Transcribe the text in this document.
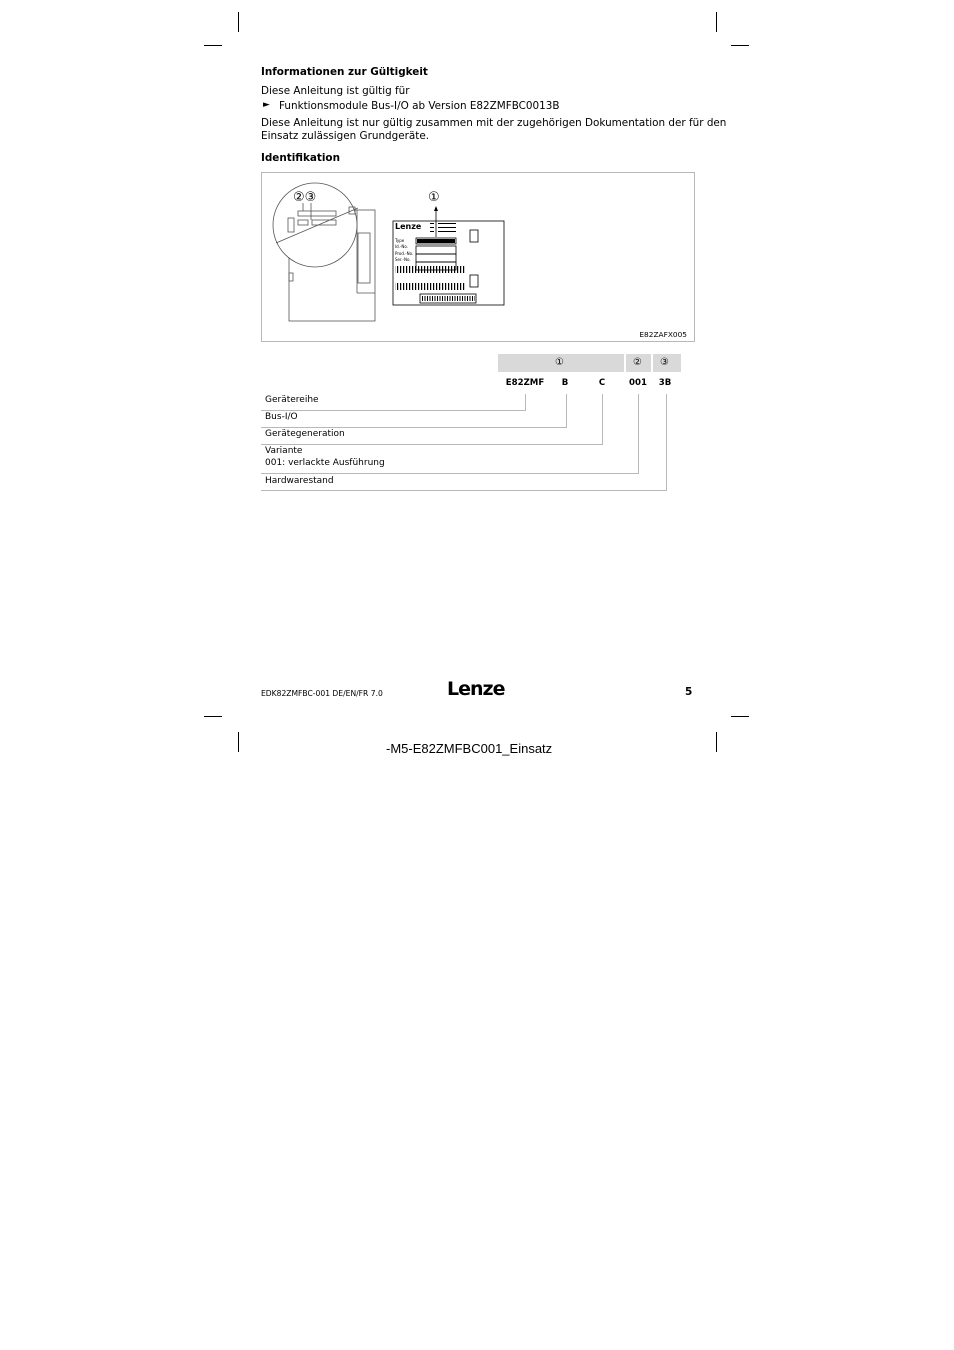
Informationen zur Gültigkeit
Diese Anleitung ist gültig für
► Funktionsmodule Bus-I/O ab Version E82ZMFBC0013B
Diese Anleitung ist nur gültig zusammen mit der zugehörigen Dokumentation der für den
Einsatz zulässigen Grundgeräte.
Identifikation
②③	①
Lenze
Type
Id.-No.
Prod.-No.
Ser.-No.
E82ZAFX005
①	② ③
E82ZMF	B	C	001	3B
Gerätereihe
Bus-I/O
Gerätegeneration
Variante
001: verlackte Ausführung
Hardwarestand
EDK82ZMFBC-001 DE/EN/FR 7.0	Lenze	5
-M5-E82ZMFBC001_Einsatz
